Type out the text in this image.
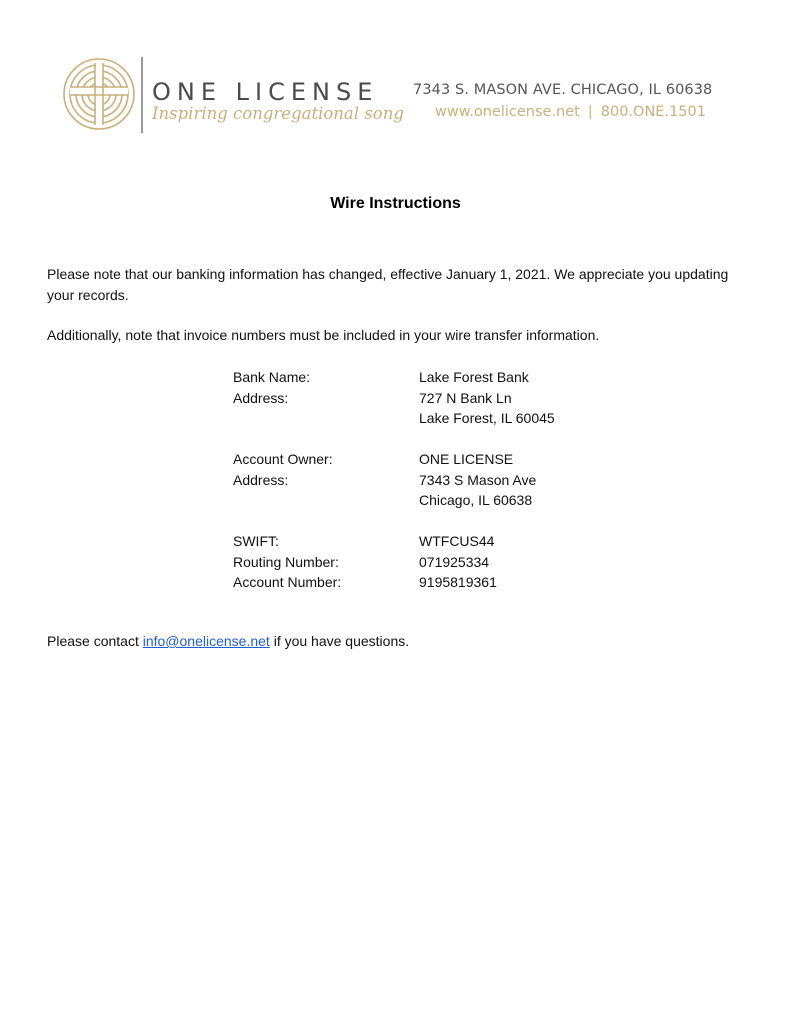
ONE LICENSE
Inspiring congregational song
7343 S. MASON AVE. CHICAGO, IL 60638
www.onelicense.net | 800.ONE.1501
Wire Instructions
Please note that our banking information has changed, effective January 1, 2021. We appreciate you updating your records.
Additionally, note that invoice numbers must be included in your wire transfer information.
Bank Name:	Lake Forest Bank
Address:	727 N Bank Ln
Lake Forest, IL 60045
Account Owner:	ONE LICENSE
Address:	7343 S Mason Ave
Chicago, IL 60638
SWIFT:	WTFCUS44
Routing Number:	071925334
Account Number:	9195819361
Please contact info@onelicense.net if you have questions.
